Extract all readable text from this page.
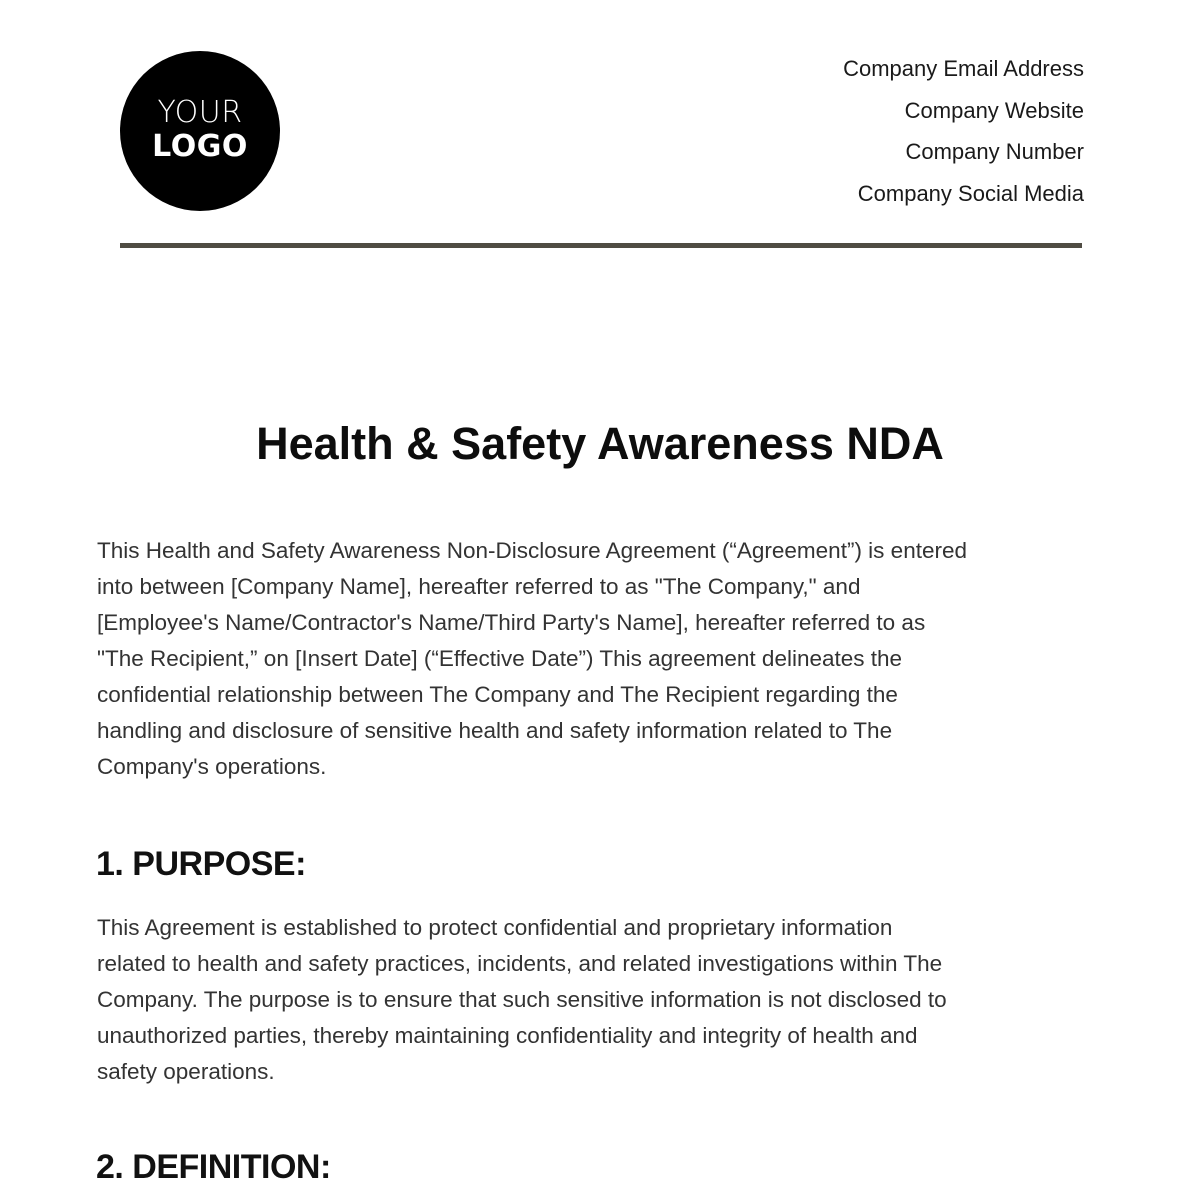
YOUR
LOGO
Company Email Address
Company Website
Company Number
Company Social Media
Health & Safety Awareness NDA
This Health and Safety Awareness Non-Disclosure Agreement (“Agreement”) is entered
into between [Company Name], hereafter referred to as "The Company," and
[Employee's Name/Contractor's Name/Third Party's Name], hereafter referred to as
"The Recipient,” on [Insert Date] (“Effective Date”) This agreement delineates the
confidential relationship between The Company and The Recipient regarding the
handling and disclosure of sensitive health and safety information related to The
Company's operations.
1. PURPOSE:
This Agreement is established to protect confidential and proprietary information
related to health and safety practices, incidents, and related investigations within The
Company. The purpose is to ensure that such sensitive information is not disclosed to
unauthorized parties, thereby maintaining confidentiality and integrity of health and
safety operations.
2. DEFINITION:
